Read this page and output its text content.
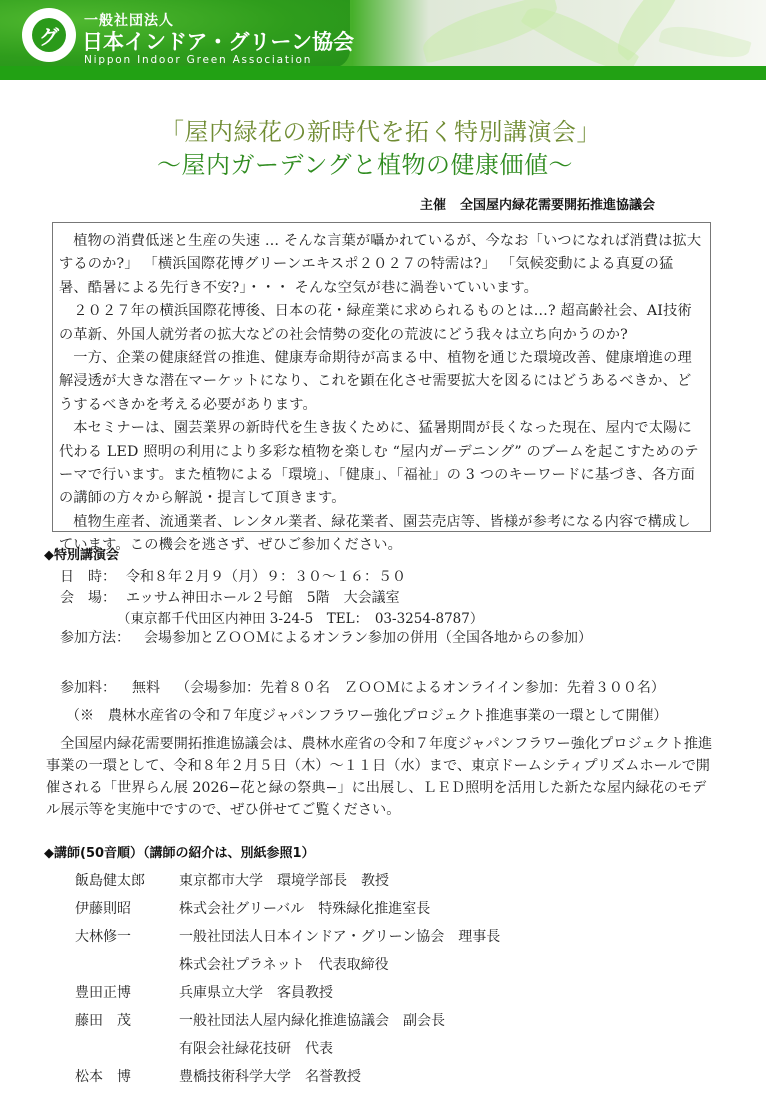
グ
一般社団法人
日本インドア・グリーン協会
Nippon Indoor Green Association
「屋内緑花の新時代を拓く特別講演会」
〜屋内ガーデングと植物の健康価値〜
主催 全国屋内緑花需要開拓推進協議会

植物の消費低迷と生産の失速 … そんな言葉が囁かれているが、今なお「いつになれば消費は拡大するのか?」 「横浜国際花博グリーンエキスポ２０２７の特需は?」 「気候変動による真夏の猛暑、酷暑による先行き不安?」・・・ そんな空気が巷に渦巻いていいます。

２０２７年の横浜国際花博後、日本の花・緑産業に求められるものとは…? 超高齢社会、AI技術の革新、外国人就労者の拡大などの社会情勢の変化の荒波にどう我々は立ち向かうのか?

一方、企業の健康経営の推進、健康寿命期待が高まる中、植物を通じた環境改善、健康増進の理解浸透が大きな潜在マーケットになり、これを顕在化させ需要拡大を図るにはどうあるべきか、どうするべきかを考える必要があります。

本セミナーは、園芸業界の新時代を生き抜くために、猛暑期間が長くなった現在、屋内で太陽に代わる LED 照明の利用により多彩な植物を楽しむ “屋内ガーデニング” のブームを起こすためのテーマで行います。また植物による「環境」、「健康」、「福祉」の 3 つのキーワードに基づき、各方面の講師の方々から解説・提言して頂きます。

植物生産者、流通業者、レンタル業者、緑花業者、園芸売店等、皆様が参考になる内容で構成しています。この機会を逃さず、ぜひご参加ください。

◆特別講演会
日　時： 令和８年２月９（月）９：３０〜１６：５０
会　場： エッサム神田ホール２号館　5階　大会議室
（東京都千代田区内神田 3-24-5　TEL：　03-3254-8787）
参加方法： 会場参加とＺＯＯＭによるオンラン参加の併用（全国各地からの参加）
参加料： 無料 （会場参加：先着８０名　ＺＯＯＭによるオンライイン参加：先着３００名）
（※　農林水産省の令和７年度ジャパンフラワー強化プロジェクト推進事業の一環として開催）

全国屋内緑花需要開拓推進協議会は、農林水産省の令和７年度ジャパンフラワー強化プロジェクト推進事業の一環として、令和８年２月５日（木）〜１１日（水）まで、東京ドームシティプリズムホールで開催される「世界らん展 2026−花と緑の祭典−」に出展し、ＬＥＤ照明を活用した新たな屋内緑花のモデル展示等を実施中ですので、ぜひ併せてご覧ください。

◆講師(50音順）（講師の紹介は、別紙参照1）
飯島健太郎 東京都市大学　環境学部長　教授
伊藤則昭	株式会社グリーバル　特殊緑化推進室長
大林修一	一般社団法人日本インドア・グリーン協会　理事長
株式会社プラネット　代表取締役
豊田正博	兵庫県立大学　客員教授
藤田　茂	一般社団法人屋内緑化推進協議会　副会長
有限会社緑花技研　代表
松本　博	豊橋技術科学大学　名誉教授
